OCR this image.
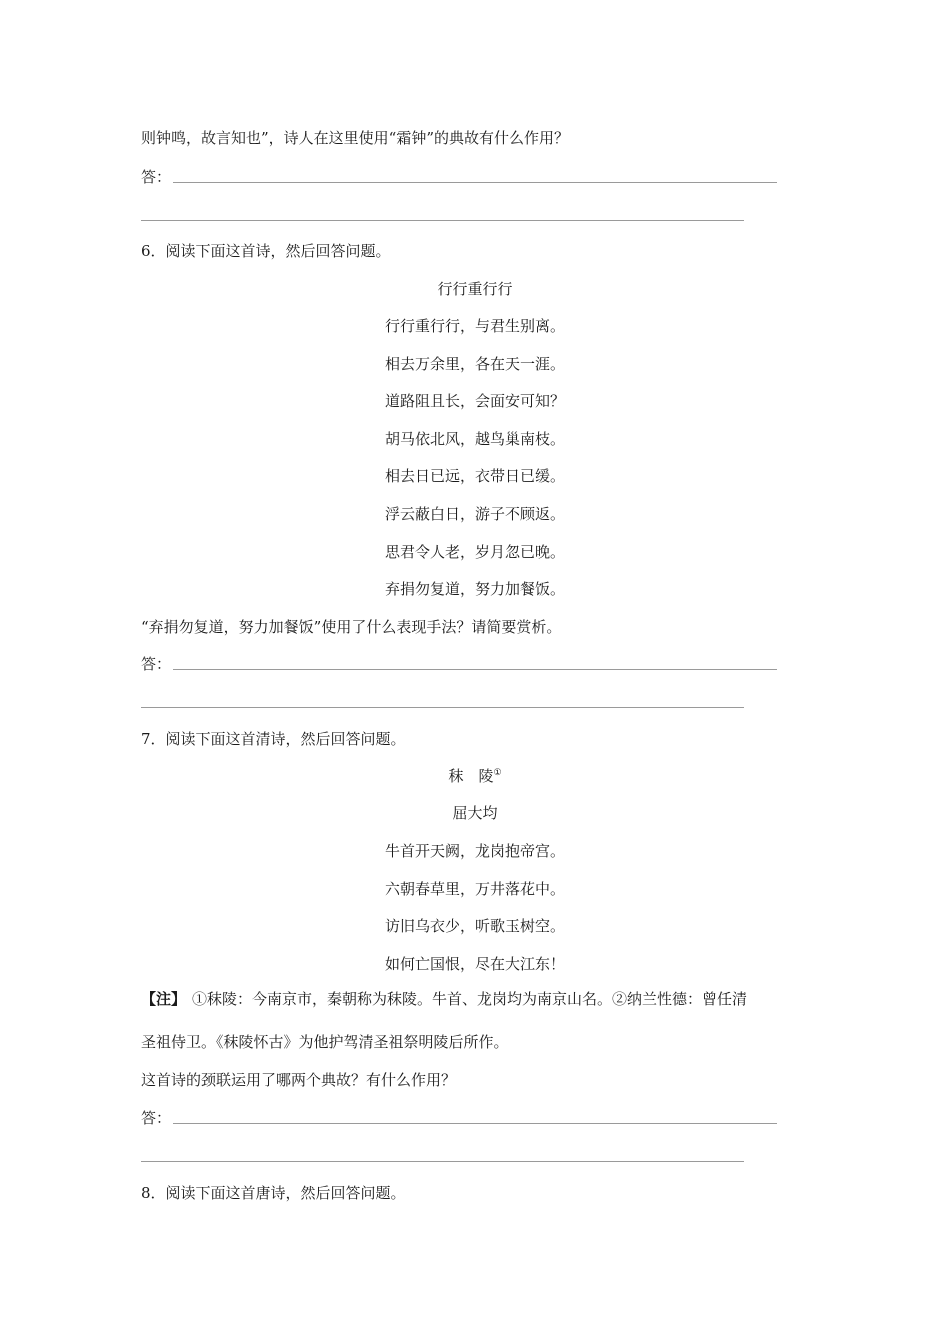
则钟鸣，故言知也”，诗人在这里使用“霜钟”的典故有什么作用？
答：
6．阅读下面这首诗，然后回答问题。
行行重行行
行行重行行，与君生别离。
相去万余里，各在天一涯。
道路阻且长，会面安可知？
胡马依北风，越鸟巢南枝。
相去日已远，衣带日已缓。
浮云蔽白日，游子不顾返。
思君令人老，岁月忽已晚。
弃捐勿复道，努力加餐饭。
“弃捐勿复道，努力加餐饭”使用了什么表现手法？请简要赏析。
答：
7．阅读下面这首清诗，然后回答问题。
秣　陵①
屈大均
牛首开天阙，龙岗抱帝宫。
六朝春草里，万井落花中。
访旧乌衣少，听歌玉树空。
如何亡国恨，尽在大江东！
【注】 ①秣陵：今南京市，秦朝称为秣陵。牛首、龙岗均为南京山名。②纳兰性德：曾任清
圣祖侍卫。《秣陵怀古》为他护驾清圣祖祭明陵后所作。
这首诗的颈联运用了哪两个典故？有什么作用？
答：
8．阅读下面这首唐诗，然后回答问题。
